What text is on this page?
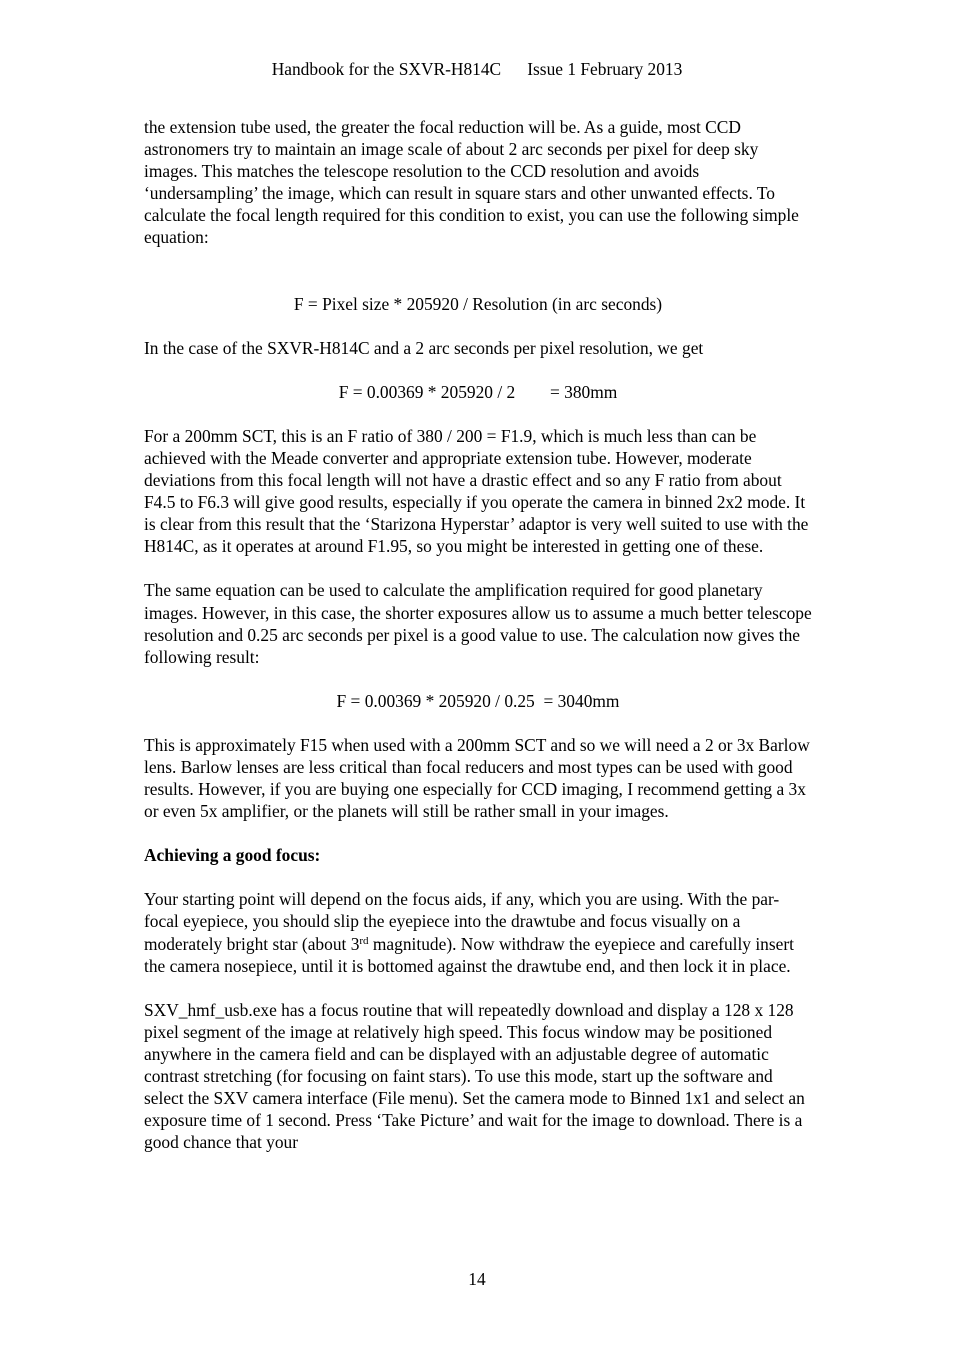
Handbook for the SXVR-H814C Issue 1 February 2013

the extension tube used, the greater the focal reduction will be. As a guide, most CCD astronomers try to maintain an image scale of about 2 arc seconds per pixel for deep sky images. This matches the telescope resolution to the CCD resolution and avoids ‘undersampling’ the image, which can result in square stars and other unwanted effects. To calculate the focal length required for this condition to exist, you can use the following simple equation:

F = Pixel size * 205920 / Resolution (in arc seconds)

In the case of the SXVR-H814C and a 2 arc seconds per pixel resolution, we get

F = 0.00369 * 205920 / 2 = 380mm

For a 200mm SCT, this is an F ratio of 380 / 200 = F1.9, which is much less than can be achieved with the Meade converter and appropriate extension tube. However, moderate deviations from this focal length will not have a drastic effect and so any F ratio from about F4.5 to F6.3 will give good results, especially if you operate the camera in binned 2x2 mode. It is clear from this result that the ‘Starizona Hyperstar’ adaptor is very well suited to use with the H814C, as it operates at around F1.95, so you might be interested in getting one of these.

The same equation can be used to calculate the amplification required for good planetary images. However, in this case, the shorter exposures allow us to assume a much better telescope resolution and 0.25 arc seconds per pixel is a good value to use. The calculation now gives the following result:

F = 0.00369 * 205920 / 0.25 = 3040mm

This is approximately F15 when used with a 200mm SCT and so we will need a 2 or 3x Barlow lens. Barlow lenses are less critical than focal reducers and most types can be used with good results. However, if you are buying one especially for CCD imaging, I recommend getting a 3x or even 5x amplifier, or the planets will still be rather small in your images.

Achieving a good focus:

Your starting point will depend on the focus aids, if any, which you are using. With the par-focal eyepiece, you should slip the eyepiece into the drawtube and focus visually on a moderately bright star (about 3rd magnitude). Now withdraw the eyepiece and carefully insert the camera nosepiece, until it is bottomed against the drawtube end, and then lock it in place.

SXV_hmf_usb.exe has a focus routine that will repeatedly download and display a 128 x 128 pixel segment of the image at relatively high speed. This focus window may be positioned anywhere in the camera field and can be displayed with an adjustable degree of automatic contrast stretching (for focusing on faint stars). To use this mode, start up the software and select the SXV camera interface (File menu). Set the camera mode to Binned 1x1 and select an exposure time of 1 second. Press ‘Take Picture’ and wait for the image to download. There is a good chance that your

14
